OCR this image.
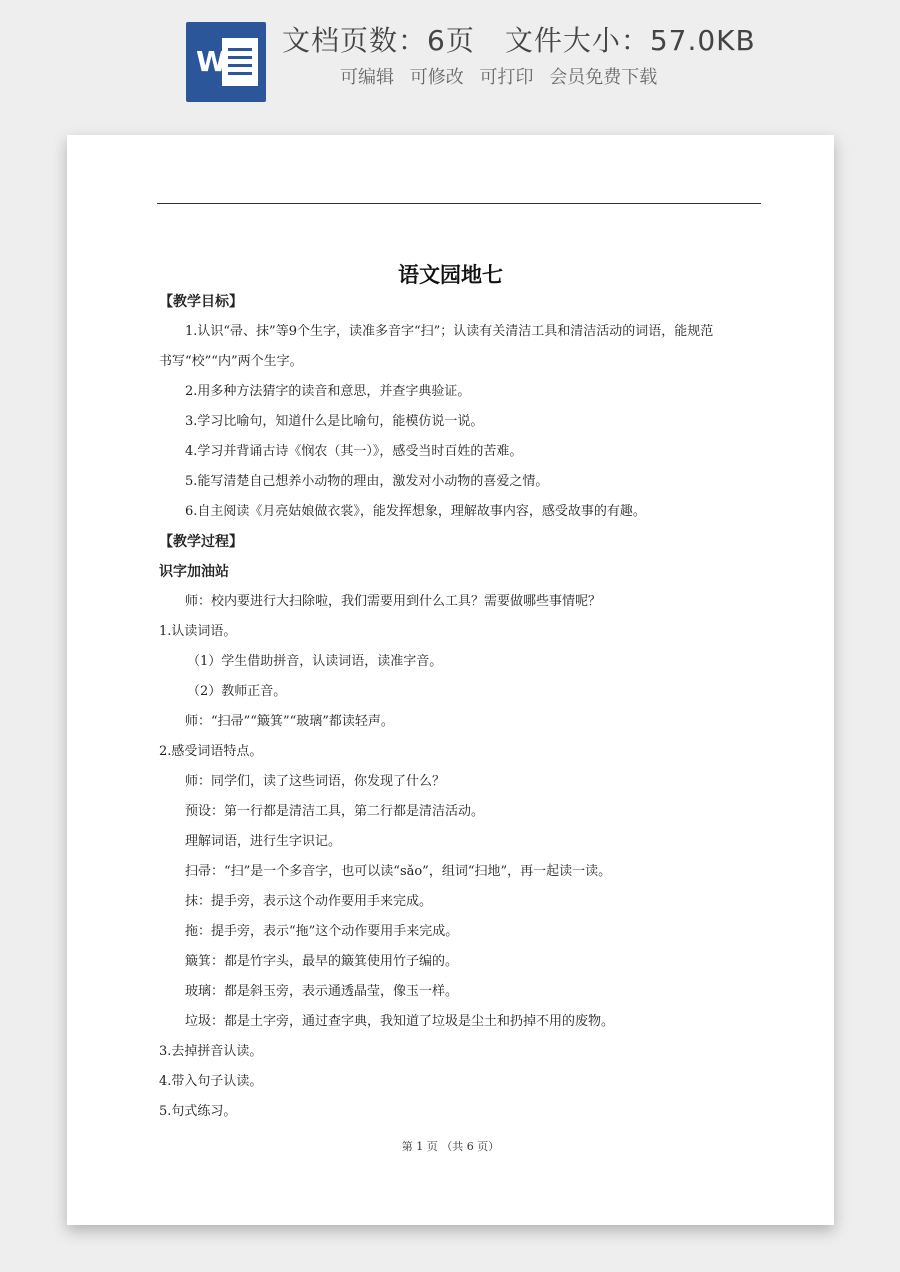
W
文档页数：6页 文件大小：57.0KB
可编辑 可修改 可打印 会员免费下载
语文园地七
【教学目标】
1.认识“帚、抹”等9个生字，读准多音字“扫”；认读有关清洁工具和清洁活动的词语，能规范
书写“校”“内”两个生字。
2.用多种方法猜字的读音和意思，并查字典验证。
3.学习比喻句，知道什么是比喻句，能模仿说一说。
4.学习并背诵古诗《悯农（其一）》，感受当时百姓的苦难。
5.能写清楚自己想养小动物的理由，激发对小动物的喜爱之情。
6.自主阅读《月亮姑娘做衣裳》，能发挥想象，理解故事内容，感受故事的有趣。
【教学过程】
识字加油站
师：校内要进行大扫除啦，我们需要用到什么工具？需要做哪些事情呢？
1.认读词语。
（1）学生借助拼音，认读词语，读准字音。
（2）教师正音。
师：“扫帚”“簸箕”“玻璃”都读轻声。
2.感受词语特点。
师：同学们，读了这些词语，你发现了什么？
预设：第一行都是清洁工具，第二行都是清洁活动。
理解词语，进行生字识记。
扫帚：“扫”是一个多音字，也可以读“sǎo”，组词“扫地”，再一起读一读。
抹：提手旁，表示这个动作要用手来完成。
拖：提手旁，表示“拖”这个动作要用手来完成。
簸箕：都是竹字头，最早的簸箕使用竹子编的。
玻璃：都是斜玉旁，表示通透晶莹，像玉一样。
垃圾：都是土字旁，通过查字典，我知道了垃圾是尘土和扔掉不用的废物。
3.去掉拼音认读。
4.带入句子认读。
5.句式练习。
第 1 页 （共 6 页）
